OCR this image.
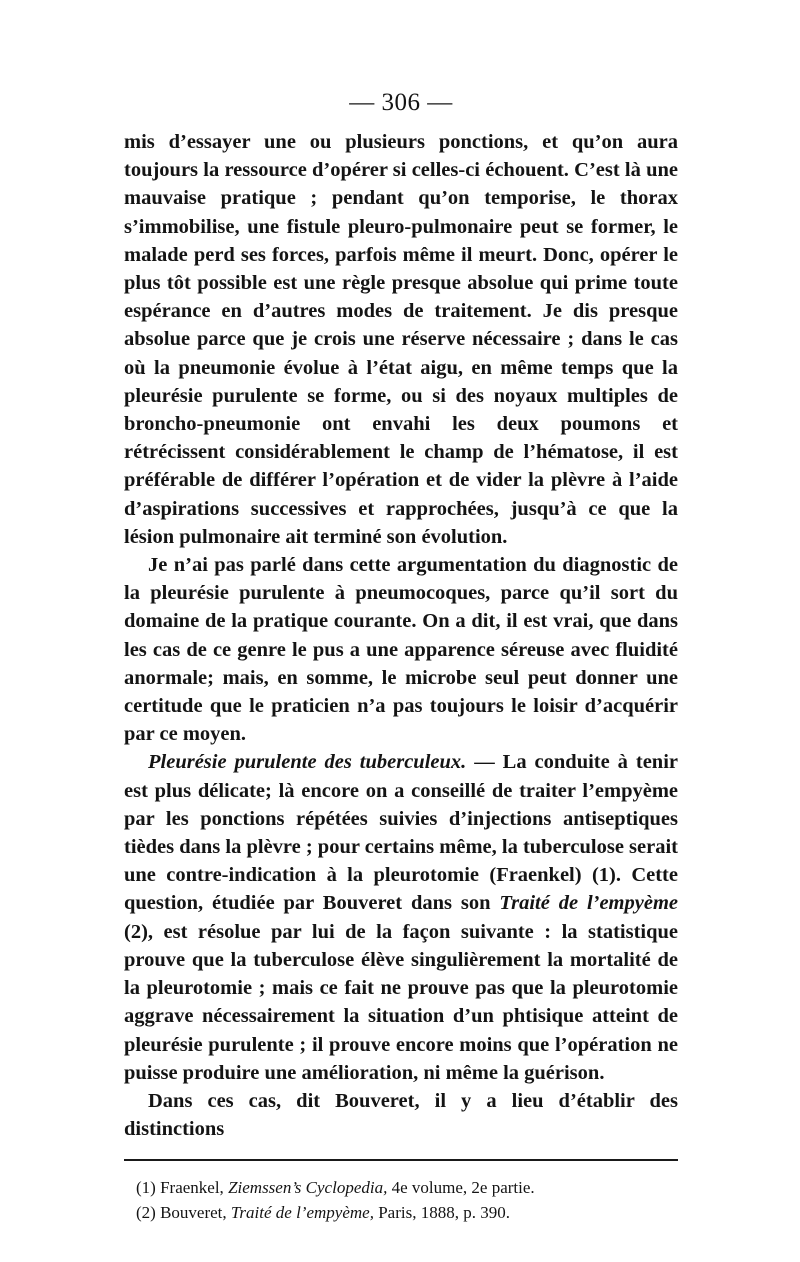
— 306 —

mis d’essayer une ou plusieurs ponctions, et qu’on aura toujours la ressource d’opérer si celles-ci échouent. C’est là une mauvaise pratique ; pendant qu’on temporise, le thorax s’immobilise, une fistule pleuro-pulmonaire peut se former, le malade perd ses forces, parfois même il meurt. Donc, opérer le plus tôt possible est une règle presque absolue qui prime toute espérance en d’autres modes de traitement. Je dis presque absolue parce que je crois une réserve nécessaire ; dans le cas où la pneumonie évolue à l’état aigu, en même temps que la pleurésie purulente se forme, ou si des noyaux multiples de broncho-pneumonie ont envahi les deux poumons et rétrécissent considérablement le champ de l’hématose, il est préférable de différer l’opération et de vider la plèvre à l’aide d’aspirations successives et rapprochées, jusqu’à ce que la lésion pulmonaire ait terminé son évolution.

Je n’ai pas parlé dans cette argumentation du diagnostic de la pleurésie purulente à pneumocoques, parce qu’il sort du domaine de la pratique courante. On a dit, il est vrai, que dans les cas de ce genre le pus a une apparence séreuse avec fluidité anormale; mais, en somme, le microbe seul peut donner une certitude que le praticien n’a pas toujours le loisir d’acquérir par ce moyen.

Pleurésie purulente des tuberculeux. — La conduite à tenir est plus délicate; là encore on a conseillé de traiter l’empyème par les ponctions répétées suivies d’injections antiseptiques tièdes dans la plèvre ; pour certains même, la tuberculose serait une contre-indication à la pleurotomie (Fraenkel) (1). Cette question, étudiée par Bouveret dans son Traité de l’empyème (2), est résolue par lui de la façon suivante : la statistique prouve que la tuberculose élève singulièrement la mortalité de la pleurotomie ; mais ce fait ne prouve pas que la pleurotomie aggrave nécessairement la situation d’un phtisique atteint de pleurésie purulente ; il prouve encore moins que l’opération ne puisse produire une amélioration, ni même la guérison.

Dans ces cas, dit Bouveret, il y a lieu d’établir des distinctions

(1) Fraenkel, Ziemssen’s Cyclopedia, 4e volume, 2e partie.

(2) Bouveret, Traité de l’empyème, Paris, 1888, p. 390.
